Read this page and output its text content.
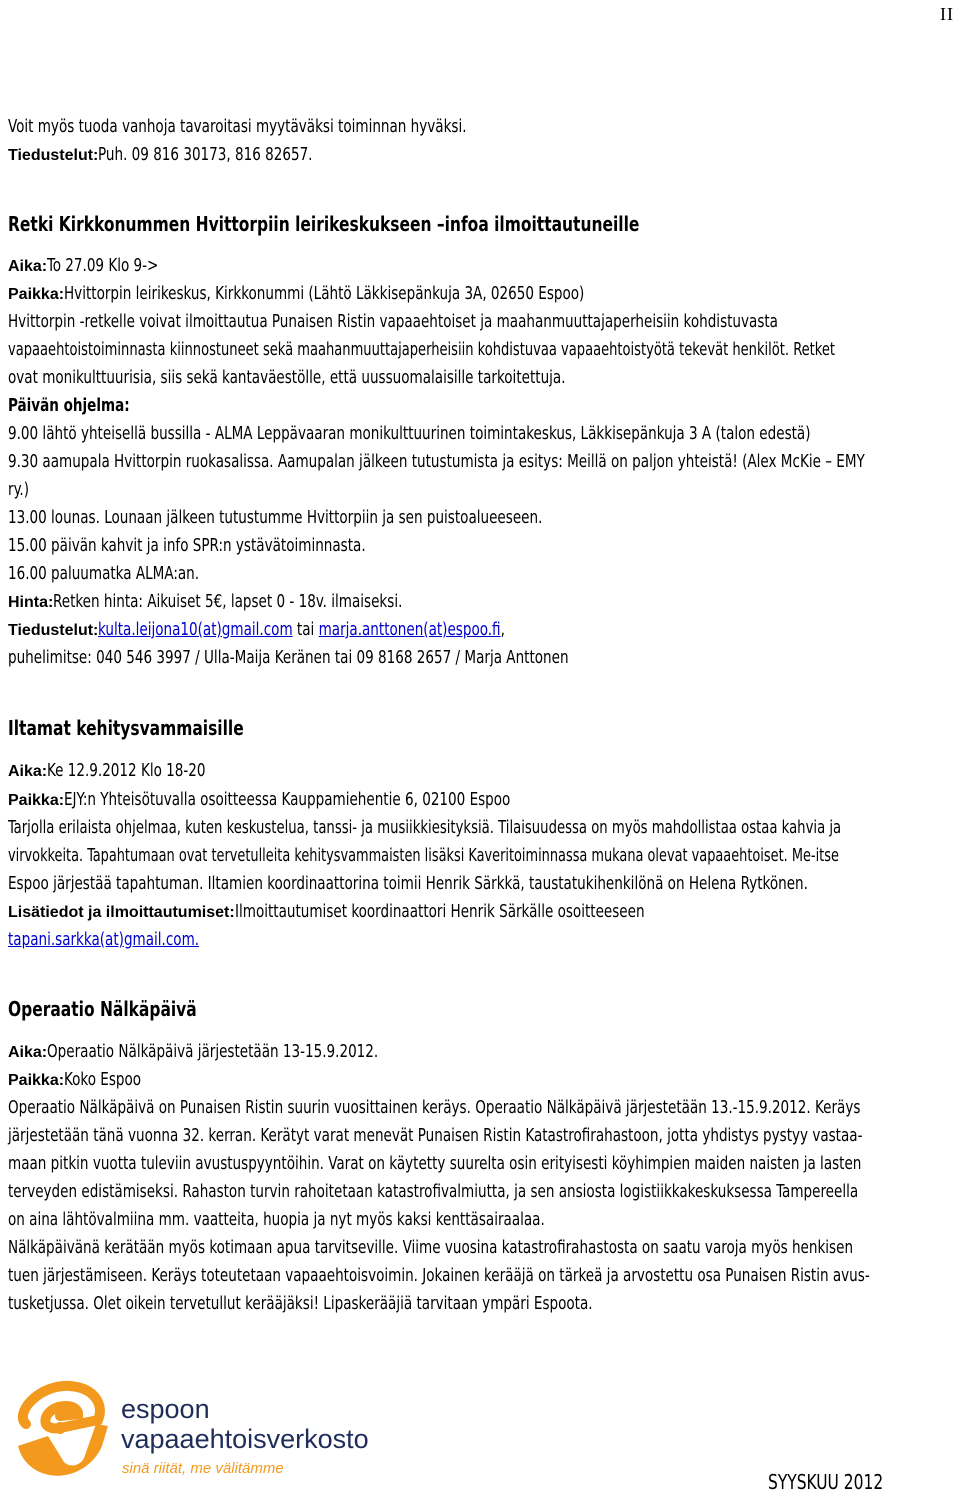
II
Voit myös tuoda vanhoja tavaroitasi myytäväksi toiminnan hyväksi.
Tiedustelut:Puh. 09 816 30173, 816 82657.
Retki Kirkkonummen Hvittorpiin leirikeskukseen –infoa ilmoittautuneille
Aika:To 27.09 Klo 9->
Paikka:Hvittorpin leirikeskus, Kirkkonummi (Lähtö Läkkisepänkuja 3A, 02650 Espoo)
Hvittorpin -retkelle voivat ilmoittautua Punaisen Ristin vapaaehtoiset ja maahanmuuttajaperheisiin kohdistuvasta
vapaaehtoistoiminnasta kiinnostuneet sekä maahanmuuttajaperheisiin kohdistuvaa vapaaehtoistyötä tekevät henkilöt. Retket
ovat monikulttuurisia, siis sekä kantaväestölle, että uussuomalaisille tarkoitettuja.
Päivän ohjelma:
9.00 lähtö yhteisellä bussilla - ALMA Leppävaaran monikulttuurinen toimintakeskus, Läkkisepänkuja 3 A (talon edestä)
9.30 aamupala Hvittorpin ruokasalissa. Aamupalan jälkeen tutustumista ja esitys: Meillä on paljon yhteistä! (Alex McKie – EMY
ry.)
13.00 lounas. Lounaan jälkeen tutustumme Hvittorpiin ja sen puistoalueeseen.
15.00 päivän kahvit ja info SPR:n ystävätoiminnasta.
16.00 paluumatka ALMA:an.
Hinta:Retken hinta: Aikuiset 5€, lapset 0 - 18v. ilmaiseksi.
Tiedustelut:kulta.leijona10(at)gmail.com tai marja.anttonen(at)espoo.fi,
puhelimitse: 040 546 3997 / Ulla-Maija Keränen tai 09 8168 2657 / Marja Anttonen
Iltamat kehitysvammaisille
Aika:Ke 12.9.2012 Klo 18-20
Paikka:EJY:n Yhteisötuvalla osoitteessa Kauppamiehentie 6, 02100 Espoo
Tarjolla erilaista ohjelmaa, kuten keskustelua, tanssi- ja musiikkiesityksiä. Tilaisuudessa on myös mahdollistaa ostaa kahvia ja
virvokkeita. Tapahtumaan ovat tervetulleita kehitysvammaisten lisäksi Kaveritoiminnassa mukana olevat vapaaehtoiset. Me-itse
Espoo järjestää tapahtuman. Iltamien koordinaattorina toimii Henrik Särkkä, taustatukihenkilönä on Helena Rytkönen.
Lisätiedot ja ilmoittautumiset:Ilmoittautumiset koordinaattori Henrik Särkälle osoitteeseen
tapani.sarkka(at)gmail.com.
Operaatio Nälkäpäivä
Aika:Operaatio Nälkäpäivä järjestetään 13-15.9.2012.
Paikka:Koko Espoo
Operaatio Nälkäpäivä on Punaisen Ristin suurin vuosittainen keräys. Operaatio Nälkäpäivä järjestetään 13.-15.9.2012. Keräys
järjestetään tänä vuonna 32. kerran. Kerätyt varat menevät Punaisen Ristin Katastrofirahastoon, jotta yhdistys pystyy vastaa-
maan pitkin vuotta tuleviin avustuspyyntöihin. Varat on käytetty suurelta osin erityisesti köyhimpien maiden naisten ja lasten
terveyden edistämiseksi. Rahaston turvin rahoitetaan katastrofivalmiutta, ja sen ansiosta logistiikkakeskuksessa Tampereella
on aina lähtövalmiina mm. vaatteita, huopia ja nyt myös kaksi kenttäsairaalaa.
Nälkäpäivänä kerätään myös kotimaan apua tarvitseville. Viime vuosina katastrofirahastosta on saatu varoja myös henkisen
tuen järjestämiseen. Keräys toteutetaan vapaaehtoisvoimin. Jokainen kerääjä on tärkeä ja arvostettu osa Punaisen Ristin avus-
tusketjussa. Olet oikein tervetullut kerääjäksi! Lipaskerääjiä tarvitaan ympäri Espoota.
espoon
vapaaehtoisverkosto
sinä riität, me välitämme
SYYSKUU 2012
